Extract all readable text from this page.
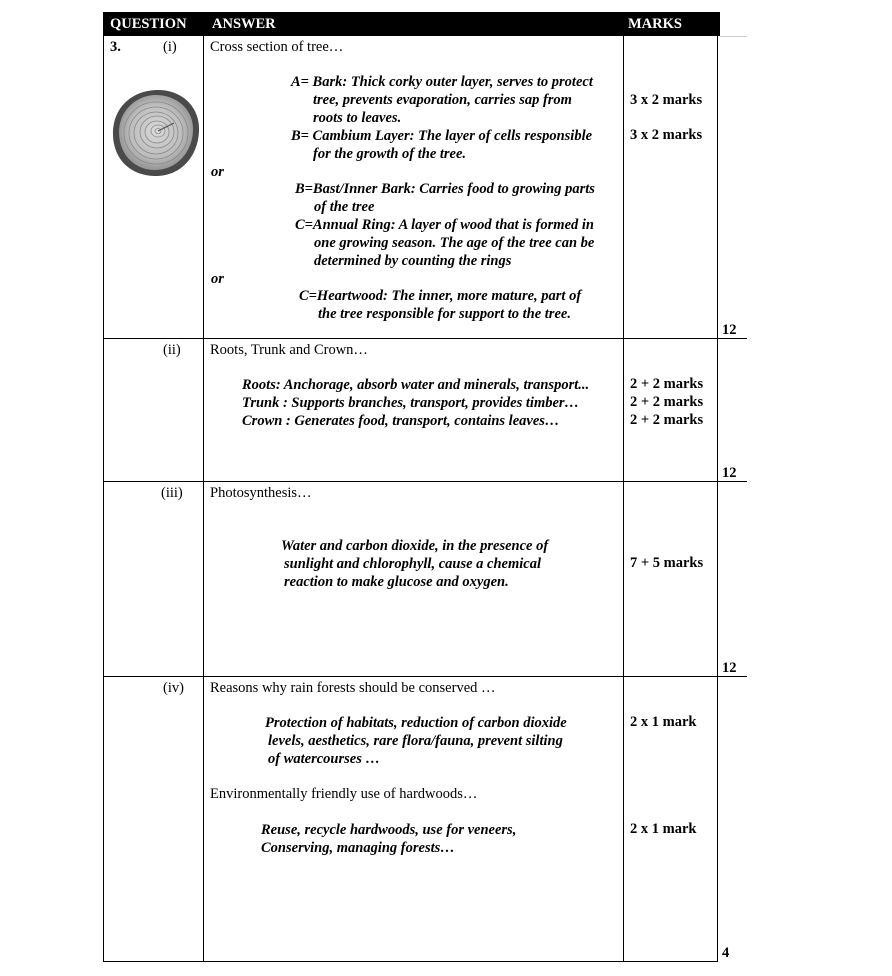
QUESTION ANSWER	MARKS
3.	(i) Cross section of tree…
A= Bark: Thick corky outer layer, serves to protect
tree, prevents evaporation, carries sap from
roots to leaves.
B= Cambium Layer: The layer of cells responsible
for the growth of the tree.
or
B=Bast/Inner Bark: Carries food to growing parts
of the tree
C=Annual Ring: A layer of wood that is formed in
one growing season. The age of the tree can be
determined by counting the rings
or
C=Heartwood: The inner, more mature, part of
the tree responsible for support to the tree.
3 x 2 marks
3 x 2 marks
12
(ii) Roots, Trunk and Crown…
Roots: Anchorage, absorb water and minerals, transport...
Trunk : Supports branches, transport, provides timber…
Crown : Generates food, transport, contains leaves…
2 + 2 marks
2 + 2 marks
2 + 2 marks
12
(iii) Photosynthesis…
Water and carbon dioxide, in the presence of
sunlight and chlorophyll, cause a chemical
reaction to make glucose and oxygen.
7 + 5 marks
12
(iv) Reasons why rain forests should be conserved …
Protection of habitats, reduction of carbon dioxide
levels, aesthetics, rare flora/fauna, prevent silting
of watercourses …
2 x 1 mark
Environmentally friendly use of hardwoods…
Reuse, recycle hardwoods, use for veneers,
Conserving, managing forests…
2 x 1 mark
4
